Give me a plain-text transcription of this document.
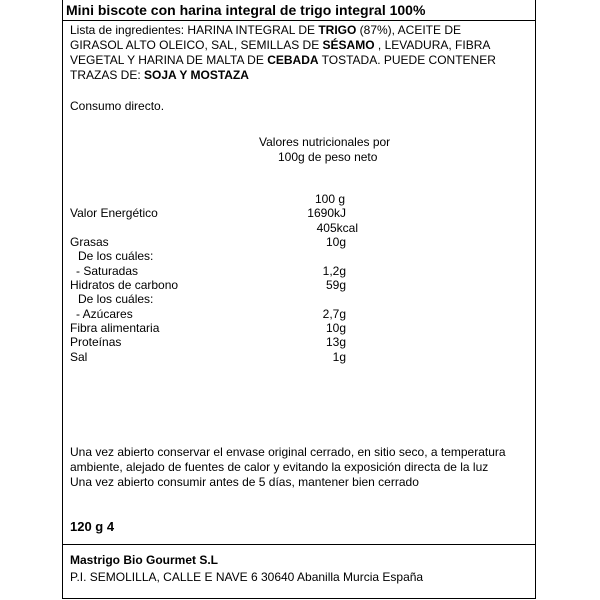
Mini biscote con harina integral de trigo integral 100%
Lista de ingredientes: HARINA INTEGRAL DE TRIGO (87%), ACEITE DE
GIRASOL ALTO OLEICO, SAL, SEMILLAS DE SÉSAMO , LEVADURA, FIBRA
VEGETAL Y HARINA DE MALTA DE CEBADA TOSTADA. PUEDE CONTENER
TRAZAS DE: SOJA Y MOSTAZA
Consumo directo.
Valores nutricionales por
100g de peso neto
100 g
Valor Energético	1690kJ
405kcal
Grasas	10g
De los cuáles:
- Saturadas	1,2g
Hidratos de carbono	59g
De los cuáles:
- Azúcares	2,7g
Fibra alimentaria	10g
Proteínas	13g
Sal	1g
Una vez abierto conservar el envase original cerrado, en sitio seco, a temperatura
ambiente, alejado de fuentes de calor y evitando la exposición directa de la luz
Una vez abierto consumir antes de 5 días, mantener bien cerrado
120 g 4
Mastrigo Bio Gourmet S.L
P.I. SEMOLILLA, CALLE E NAVE 6 30640 Abanilla Murcia España
